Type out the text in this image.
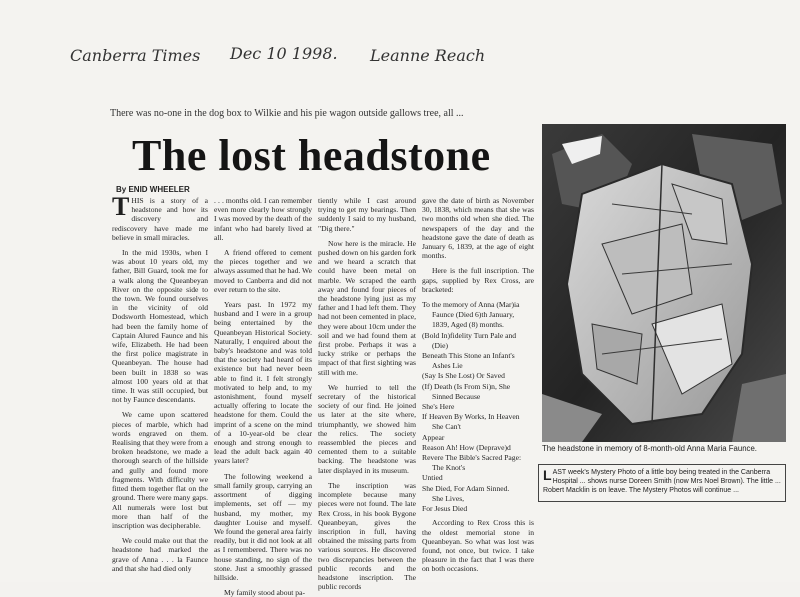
Canberra Times Dec 10 1998. Leanne Reach
There was no-one in the dog box to Wilkie and his pie wagon outside gallows tree, all ...
The lost headstone
By ENID WHEELER

THIS is a story of a headstone and how its discovery and rediscovery have made me believe in small miracles.

In the mid 1930s, when I was about 10 years old, my father, Bill Guard, took me for a walk along the Queanbeyan River on the opposite side to the town. We found ourselves in the vicinity of old Dodsworth Homestead, which had been the family home of Captain Alured Faunce and his wife, Elizabeth. He had been the first police magistrate in Queanbeyan. The house had been built in 1838 so was almost 100 years old at that time. It was still occupied, but not by Faunce descendants.

We came upon scattered pieces of marble, which had words engraved on them. Realising that they were from a broken headstone, we made a thorough search of the hillside and gully and found more fragments. With difficulty we fitted them together flat on the ground. There were many gaps. All numerals were lost but more than half of the inscription was decipherable.

We could make out that the headstone had marked the grave of Anna . . . la Faunce and that she had died only

. . . months old. I can remember even more clearly how strongly I was moved by the death of the infant who had barely lived at all.

A friend offered to cement the pieces together and we always assumed that he had. We moved to Canberra and did not ever return to the site.

Years past. In 1972 my husband and I were in a group being entertained by the Queanbeyan Historical Society. Naturally, I enquired about the baby's headstone and was told that the society had heard of its existence but had never been able to find it. I felt strongly motivated to help and, to my astonishment, found myself actually offering to locate the headstone for them. Could the imprint of a scene on the mind of a 10-year-old be clear enough and strong enough to lead the adult back again 40 years later?

The following weekend a small family group, carrying an assortment of digging implements, set off — my husband, my mother, my daughter Louise and myself. We found the general area fairly readily, but it did not look at all as I remembered. There was no house standing, no sign of the stone. Just a smoothly grassed hillside.

My family stood about pa-

tiently while I cast around trying to get my bearings. Then suddenly I said to my husband, "Dig there."

Now here is the miracle. He pushed down on his garden fork and we heard a scratch that could have been metal on marble. We scraped the earth away and found four pieces of the headstone lying just as my father and I had left them. They had not been cemented in place, they were about 10cm under the soil and we had found them at first probe. Perhaps it was a lucky strike or perhaps the impact of that first sighting was still with me.

We hurried to tell the secretary of the historical society of our find. He joined us later at the site where, triumphantly, we showed him the relics. The society reassembled the pieces and cemented them to a suitable backing. The headstone was later displayed in its museum.

The inscription was incomplete because many pieces were not found. The late Rex Cross, in his book Bygone Queanbeyan, gives the inscription in full, having obtained the missing parts from various sources. He discovered two discrepancies between the public records and the headstone inscription. The public records

gave the date of birth as November 30, 1838, which means that she was two months old when she died. The newspapers of the day and the headstone gave the date of death as January 6, 1839, at the age of eight months.

Here is the full inscription. The gaps, supplied by Rex Cross, are bracketed:

To the memory of Anna (Mar)ia

Faunce (Died 6)th January,

1839, Aged (8) months.

(Bold In)fidelity Turn Pale and

(Die)

Beneath This Stone an Infant's

Ashes Lie

(Say Is She Lost) Or Saved

(If) Death (Is From Si)n, She

Sinned Because

She's Here

If Heaven By Works, In Heaven

She Can't

Appear

Reason Ah! How (Deprave)d

Revere The Bible's Sacred Page:

The Knot's

Untied

She Died, For Adam Sinned.

She Lives,

For Jesus Died

According to Rex Cross this is the oldest memorial stone in Queanbeyan. So what was lost was found, not once, but twice. I take pleasure in the fact that I was there on both occasions.

The headstone in memory of 8-month-old Anna Maria Faunce.
LAST week's Mystery Photo of a little boy being treated in the Canberra Hospital ... shows nurse Doreen Smith (now Mrs Noel Brown). The little ... Robert Macklin is on leave. The Mystery Photos will continue ...
